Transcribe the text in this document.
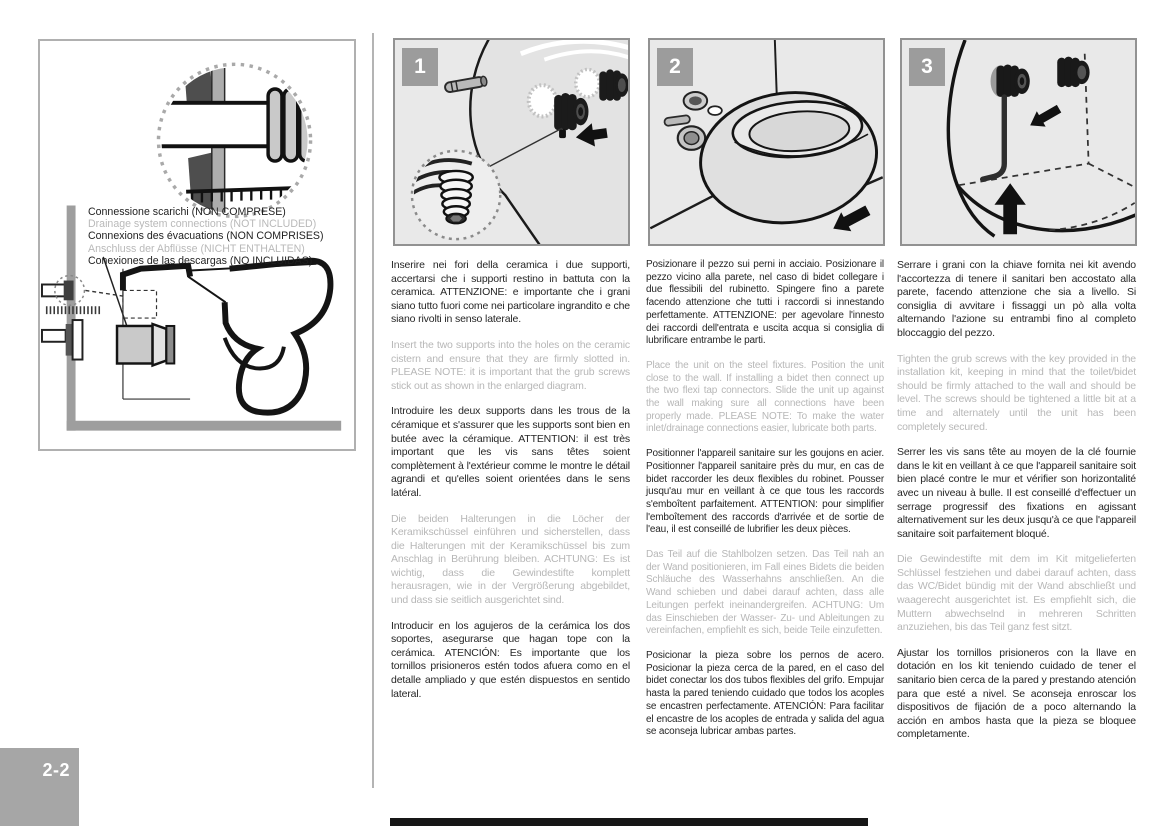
Connessione scarichi (NON COMPRESE)
Drainage system connections (NOT INCLUDED)
Connexions des évacuations (NON COMPRISES)
Anschluss der Abflüsse (NICHT ENTHALTEN)
Conexiones de las descargas (NO INCLUIDAS)
1	2	3

Inserire nei fori della ceramica i due supporti, accertarsi che i supporti restino in battuta con la ceramica. ATTENZIONE: e importante che i grani siano tutto fuori come nei particolare ingrandito e che siano rivolti in senso laterale.

Insert the two supports into the holes on the ceramic cistern and ensure that they are firmly slotted in. PLEASE NOTE: it is important that the grub screws stick out as shown in the enlarged diagram.

Introduire les deux supports dans les trous de la céramique et s'assurer que les supports sont bien en butée avec la céramique. ATTENTION: il est très important que les vis sans têtes soient complètement à l'extérieur comme le montre le détail agrandi et qu'elles soient orientées dans le sens latéral.

Die beiden Halterungen in die Löcher der Keramikschüssel einführen und sicherstellen, dass die Halterungen mit der Keramikschüssel bis zum Anschlag in Berührung bleiben. ACHTUNG: Es ist wichtig, dass die Gewindestifte komplett herausragen, wie in der Vergrößerung abgebildet, und dass sie seitlich ausgerichtet sind.

Introducir en los agujeros de la cerámica los dos soportes, asegurarse que hagan tope con la cerámica. ATENCIÓN: Es importante que los tornillos prisioneros estén todos afuera como en el detalle ampliado y que estén dispuestos en sentido lateral.

Posizionare il pezzo sui perni in acciaio. Posizionare il pezzo vicino alla parete, nel caso di bidet collegare i due flessibili del rubinetto. Spingere fino a parete facendo attenzione che tutti i raccordi si innestando perfettamente. ATTENZIONE: per agevolare l'innesto dei raccordi dell'entrata e uscita acqua si consiglia di lubrificare entrambe le parti.

Place the unit on the steel fixtures. Position the unit close to the wall. If installing a bidet then connect up the two flexi tap connectors. Slide the unit up against the wall making sure all connections have been properly made. PLEASE NOTE: To make the water inlet/drainage connections easier, lubricate both parts.

Positionner l'appareil sanitaire sur les goujons en acier. Positionner l'appareil sanitaire près du mur, en cas de bidet raccorder les deux flexibles du robinet. Pousser jusqu'au mur en veillant à ce que tous les raccords s'emboîtent parfaitement. ATTENTION: pour simplifier l'emboîtement des raccords d'arrivée et de sortie de l'eau, il est conseillé de lubrifier les deux pièces.

Das Teil auf die Stahlbolzen setzen. Das Teil nah an der Wand positionieren, im Fall eines Bidets die beiden Schläuche des Wasserhahns anschließen. An die Wand schieben und dabei darauf achten, dass alle Leitungen perfekt ineinandergreifen. ACHTUNG: Um das Einschieben der Wasser- Zu- und Ableitungen zu vereinfachen, empfiehlt es sich, beide Teile einzufetten.

Posicionar la pieza sobre los pernos de acero. Posicionar la pieza cerca de la pared, en el caso del bidet conectar los dos tubos flexibles del grifo. Empujar hasta la pared teniendo cuidado que todos los acoples se encastren perfectamente. ATENCIÓN: Para facilitar el encastre de los acoples de entrada y salida del agua se aconseja lubricar ambas partes.

Serrare i grani con la chiave fornita nei kit avendo l'accortezza di tenere il sanitari ben accostato alla parete, facendo attenzione che sia a livello. Si consiglia di avvitare i fissaggi un pò alla volta alternando l'azione su entrambi fino al completo bloccaggio del pezzo.

Tighten the grub screws with the key provided in the installation kit, keeping in mind that the toilet/bidet should be firmly attached to the wall and should be level. The screws should be tightened a little bit at a time and alternately until the unit has been completely secured.

Serrer les vis sans tête au moyen de la clé fournie dans le kit en veillant à ce que l'appareil sanitaire soit bien placé contre le mur et vérifier son horizontalité avec un niveau à bulle. Il est conseillé d'effectuer un serrage progressif des fixations en agissant alternativement sur les deux jusqu'à ce que l'appareil sanitaire soit parfaitement bloqué.

Die Gewindestifte mit dem im Kit mitgelieferten Schlüssel festziehen und dabei darauf achten, dass das WC/Bidet bündig mit der Wand abschließt und waagerecht ausgerichtet ist. Es empfiehlt sich, die Muttern abwechselnd in mehreren Schritten anzuziehen, bis das Teil ganz fest sitzt.

Ajustar los tornillos prisioneros con la llave en dotación en los kit teniendo cuidado de tener el sanitario bien cerca de la pared y prestando atención para que esté a nivel. Se aconseja enroscar los dispositivos de fijación de a poco alternando la acción en ambos hasta que la pieza se bloquee completamente.

2-2
